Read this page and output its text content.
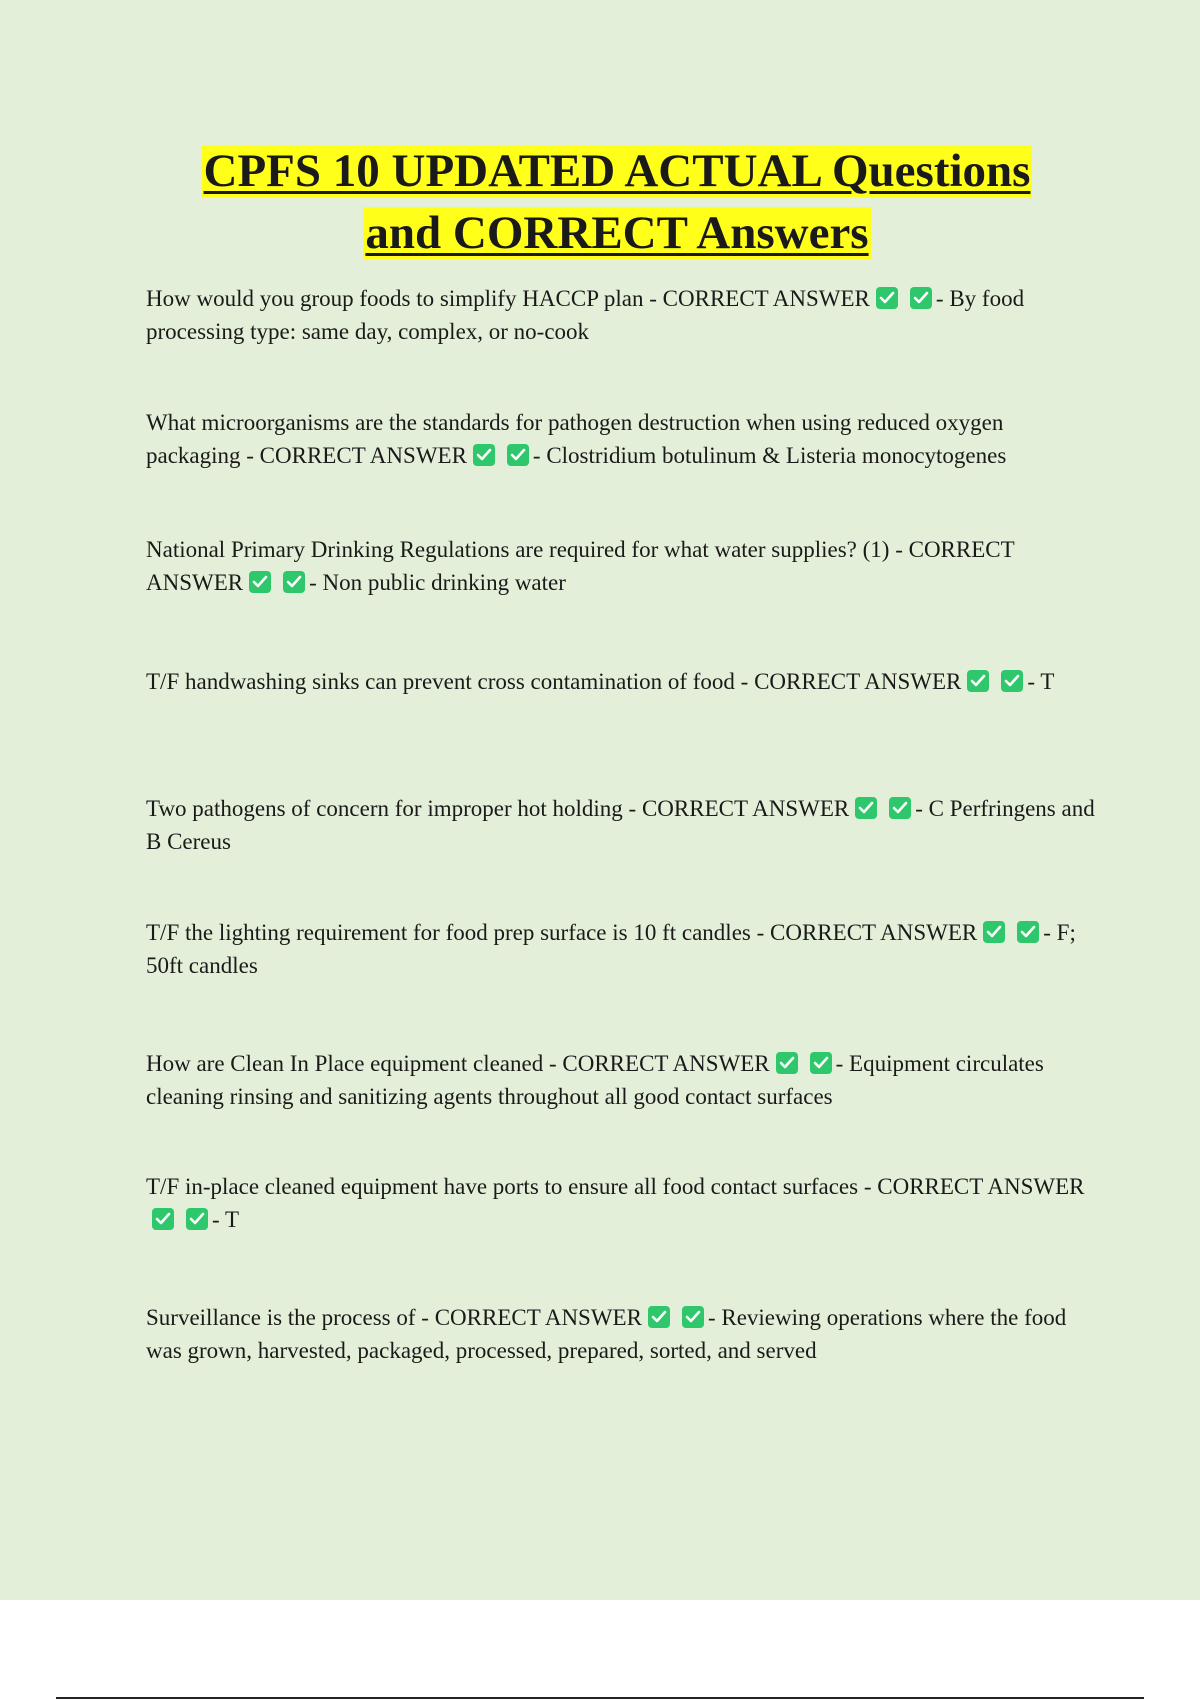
CPFS 10 UPDATED ACTUAL Questions
and CORRECT Answers

How would you group foods to simplify HACCP plan - CORRECT ANSWER	- By food processing type: same day, complex, or no-cook

What microorganisms are the standards for pathogen destruction when using reduced oxygen packaging - CORRECT ANSWER	- Clostridium botulinum & Listeria monocytogenes

National Primary Drinking Regulations are required for what water supplies? (1) - CORRECT ANSWER	- Non public drinking water

T/F handwashing sinks can prevent cross contamination of food - CORRECT ANSWER	- T

Two pathogens of concern for improper hot holding - CORRECT ANSWER	- C Perfringens and B Cereus

T/F the lighting requirement for food prep surface is 10 ft candles - CORRECT ANSWER	- F; 50ft candles

How are Clean In Place equipment cleaned - CORRECT ANSWER	- Equipment circulates cleaning rinsing and sanitizing agents throughout all good contact surfaces

T/F in-place cleaned equipment have ports to ensure all food contact surfaces - CORRECT ANSWER
- T

Surveillance is the process of - CORRECT ANSWER	- Reviewing operations where the food was grown, harvested, packaged, processed, prepared, sorted, and served
